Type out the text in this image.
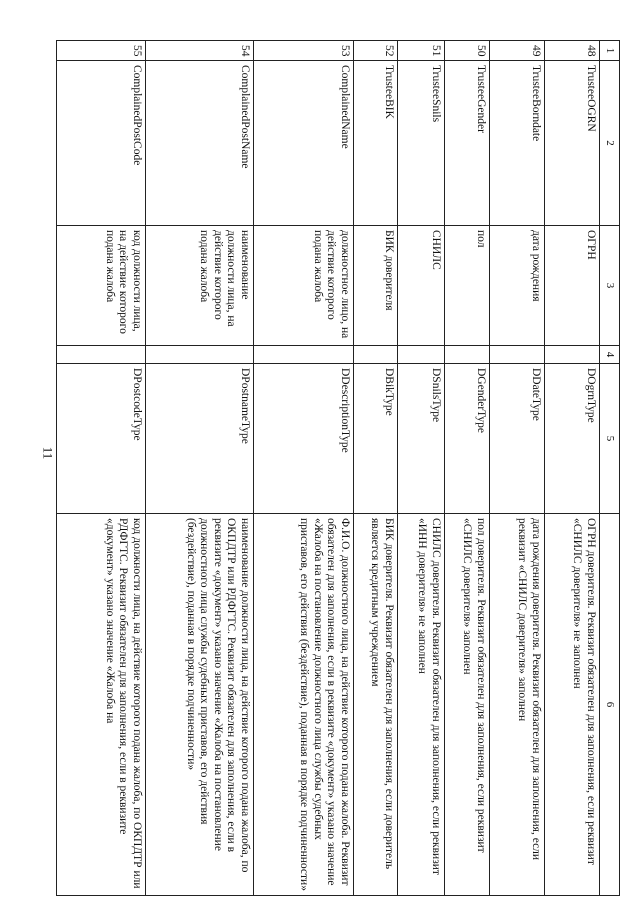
11
1	2	3	4	5	6
48	TrusteeOGRN	ОГРН		DOgrnType	ОГРН доверителя. Реквизит обязателен для заполнения, если реквизит «СНИЛС доверителя» не заполнен
49	TrusteeBorndate	дата рождения		DDateType	дата рождения доверителя. Реквизит обязателен для заполнения, если реквизит «СНИЛС доверителя» заполнен
50	TrusteeGender	пол		DGenderType	пол доверителя. Реквизит обязателен для заполнения, если реквизит «СНИЛС доверителя» заполнен
51	TrusteeSnils	СНИЛС		DSnilsType	СНИЛС доверителя. Реквизит обязателен для заполнения, если реквизит «ИНН доверителя» не заполнен
52	TrusteeBIK	БИК доверителя		DBikType	БИК доверителя. Реквизит обязателен для заполнения, если доверитель является кредитным учреждением
53	ComplainedName	должностное лицо, на действие которого подана жалоба		DDescriptionType	Ф.И.О. должностного лица, на действие которого подана жалоба. Реквизит обязателен для заполнения, если в реквизите «документ» указано значение «Жалоба на постановление должностного лица службы судебных приставов, его действия (бездействие), поданная в порядке подчиненности»
54	ComplainedPostName	наименование должности лица, на действие которого подана жалоба		DPostnameType	наименование должности лица, на действие которого подана жалоба, по ОКПДТР или РДФГТС. Реквизит обязателен для заполнения, если в реквизите «документ» указано значение «Жалоба на постановление должностного лица службы судебных приставов, его действия (бездействие), поданная в порядке подчиненности»
55	ComplainedPostCode	код должности лица, на действие которого подана жалоба		DPostcodeType	код должности лица, на действие которого подана жалоба, по ОКПДТР или РДФГТС. Реквизит обязателен для заполнения, если в реквизите «документ» указано значение «Жалоба на
